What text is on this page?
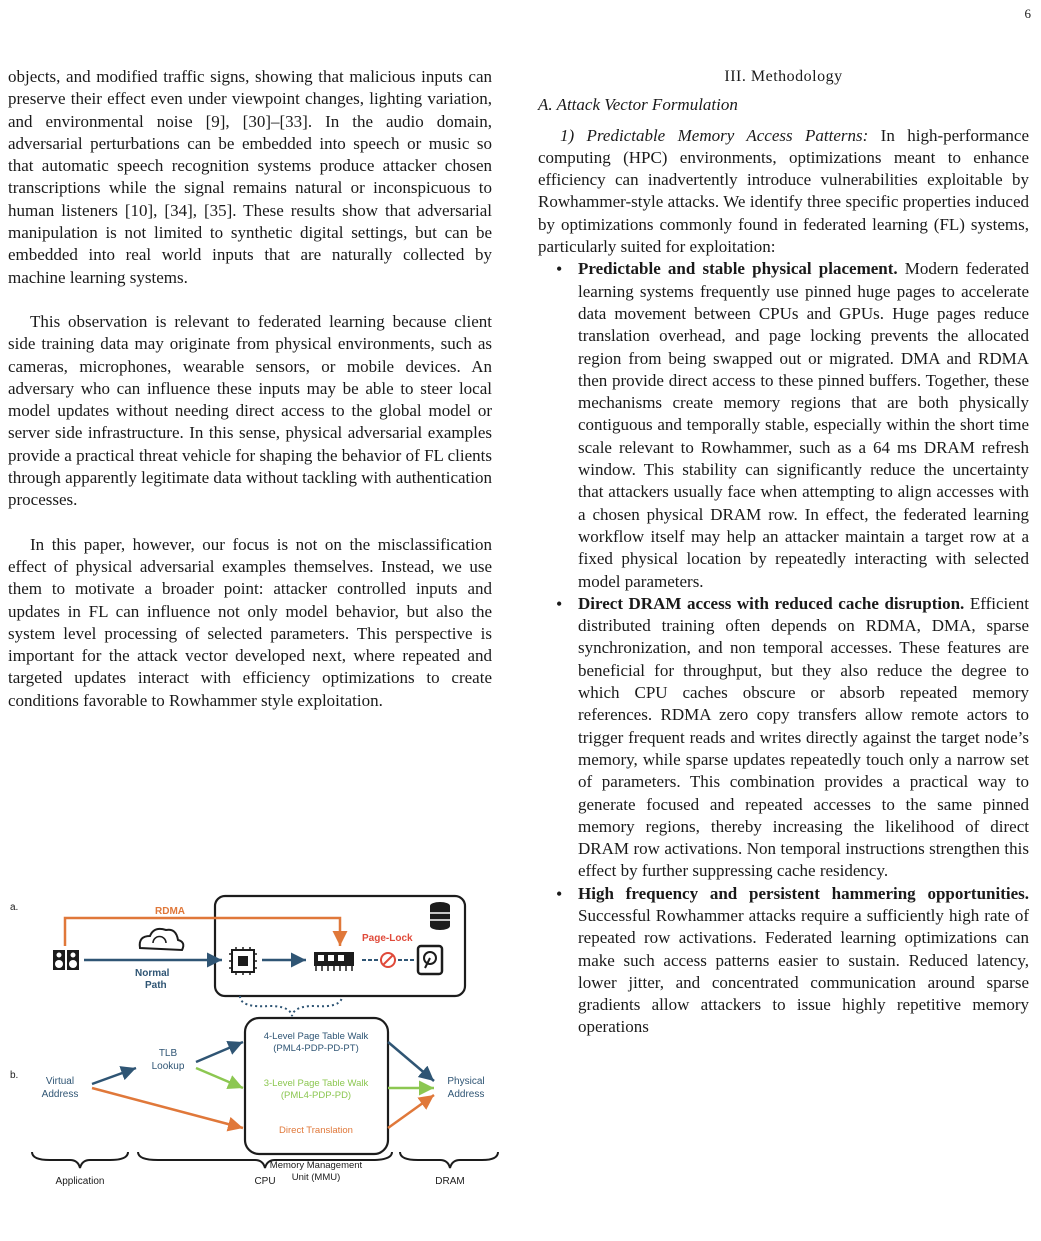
6

objects, and modified traffic signs, showing that malicious inputs can preserve their effect even under viewpoint changes, lighting variation, and environmental noise [9], [30]–[33]. In the audio domain, adversarial perturbations can be embedded into speech or music so that automatic speech recognition systems produce attacker chosen transcriptions while the signal remains natural or inconspicuous to human listeners [10], [34], [35]. These results show that adversarial manipulation is not limited to synthetic digital settings, but can be embedded into real world inputs that are naturally collected by machine learning systems.

This observation is relevant to federated learning because client side training data may originate from physical environments, such as cameras, microphones, wearable sensors, or mobile devices. An adversary who can influence these inputs may be able to steer local model updates without needing direct access to the global model or server side infrastructure. In this sense, physical adversarial examples provide a practical threat vehicle for shaping the behavior of FL clients through apparently legitimate data without tackling with authentication processes.

In this paper, however, our focus is not on the misclassification effect of physical adversarial examples themselves. Instead, we use them to motivate a broader point: attacker controlled inputs and updates in FL can influence not only model behavior, but also the system level processing of selected parameters. This perspective is important for the attack vector developed next, where repeated and targeted updates interact with efficiency optimizations to create conditions favorable to Rowhammer style exploitation.

a.	RDMA
Normal
Path
Page-Lock
b.
Virtual
Address
TLB
Lookup
4-Level Page Table Walk
(PML4-PDP-PD-PT)
3-Level Page Table Walk
(PML4-PDP-PD)
Direct Translation
Physical
Address
Memory Management
Unit (MMU)
Application	CPU	DRAM
III. Methodology
A. Attack Vector Formulation

1) Predictable Memory Access Patterns: In high-performance computing (HPC) environments, optimizations meant to enhance efficiency can inadvertently introduce vulnerabilities exploitable by Rowhammer-style attacks. We identify three specific properties induced by optimizations commonly found in federated learning (FL) systems, particularly suited for exploitation:

• Predictable and stable physical placement. Modern federated learning systems frequently use pinned huge pages to accelerate data movement between CPUs and GPUs. Huge pages reduce translation overhead, and page locking prevents the allocated region from being swapped out or migrated. DMA and RDMA then provide direct access to these pinned buffers. Together, these mechanisms create memory regions that are both physically contiguous and temporally stable, especially within the short time scale relevant to Rowhammer, such as a 64 ms DRAM refresh window. This stability can significantly reduce the uncertainty that attackers usually face when attempting to align accesses with a chosen physical DRAM row. In effect, the federated learning workflow itself may help an attacker maintain a target row at a fixed physical location by repeatedly interacting with selected model parameters.
• Direct DRAM access with reduced cache disruption. Efficient distributed training often depends on RDMA, DMA, sparse synchronization, and non temporal accesses. These features are beneficial for throughput, but they also reduce the degree to which CPU caches obscure or absorb repeated memory references. RDMA zero copy transfers allow remote actors to trigger frequent reads and writes directly against the target node’s memory, while sparse updates repeatedly touch only a narrow set of parameters. This combination provides a practical way to generate focused and repeated accesses to the same pinned memory regions, thereby increasing the likelihood of direct DRAM row activations. Non temporal instructions strengthen this effect by further suppressing cache residency.
• High frequency and persistent hammering opportunities. Successful Rowhammer attacks require a sufficiently high rate of repeated row activations. Federated learning optimizations can make such access patterns easier to sustain. Reduced latency, lower jitter, and concentrated communication around sparse gradients allow attackers to issue highly repetitive memory operations
